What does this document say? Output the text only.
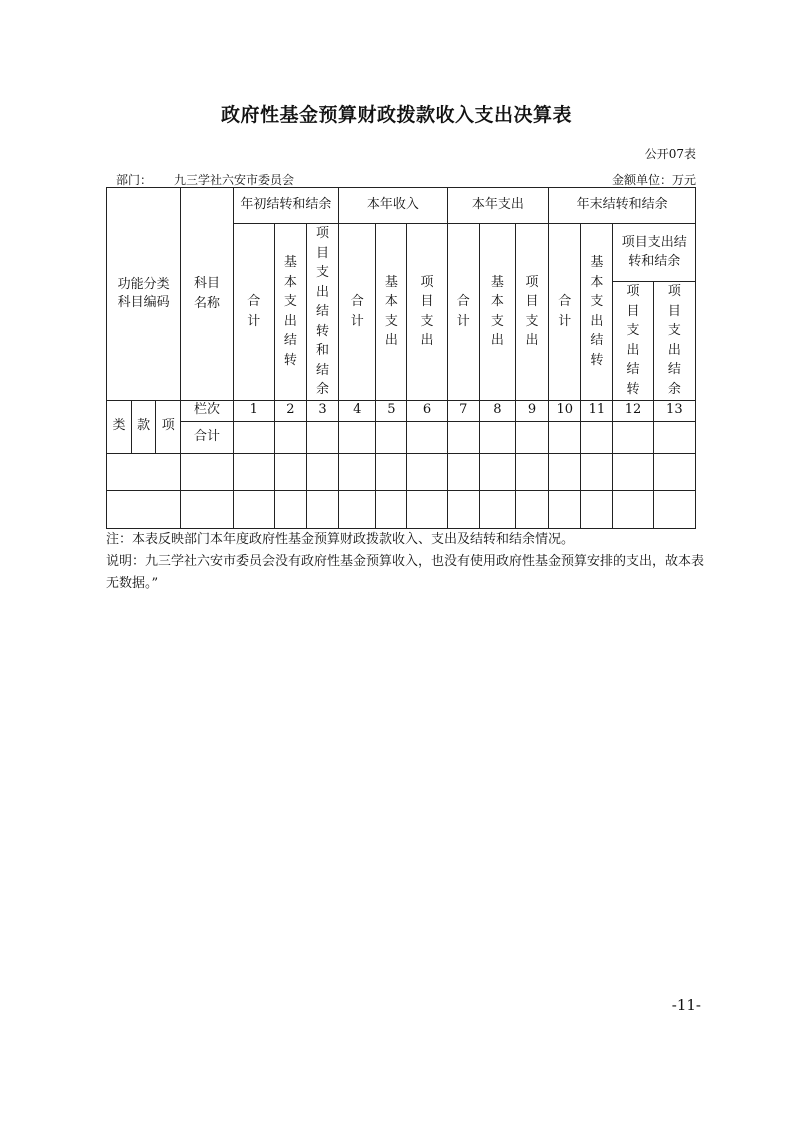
政府性基金预算财政拨款收入支出决算表
公开07表
部门： 九三学社六安市委员会	金额单位：万元
功能分类科目编码			科目名称	年初结转和结余			本年收入			本年支出			年末结转和结余			

				合计	基本支出结转	项目支出结转和结余	合计	基本支出	项目支出	合计	基本支出	项目支出	合计	基本支出结转	项目支出结转和结余	

															项目支出结转	项目支出结余

类	款	项	栏次	1	2	3	4	5	6	7	8	9	10	11	12	13
			合计													

注：本表反映部门本年度政府性基金预算财政拨款收入、支出及结转和结余情况。
说明：九三学社六安市委员会没有政府性基金预算收入，也没有使用政府性基金预算安排的支出，故本表无数据。”
-11-
